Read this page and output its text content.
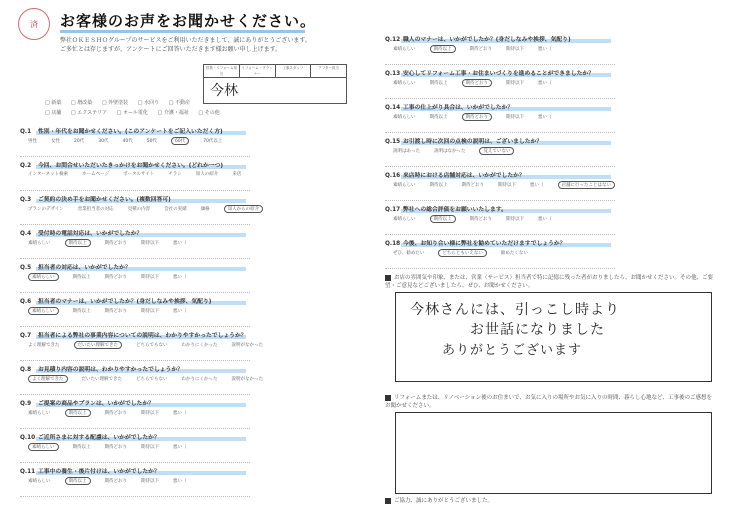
済 お客様のお声をお聞かせください。
弊社ＯＫＥＳＨＯグループのサービスをご利用いただきまして、誠にありがとうございます。
ご多忙とは存じますが、アンケートにご回答いただきます様お願い申し上げます。
営業・リフォーム担当
リフォーム・プランナー
工事スタッフ	アフター担当
今林
□ 新築 □ 増改築 □ 外壁塗装 □ 水回り □ 不動産
□ 店舗 □ エクステリア □ オール電化 □ 介護・福祉 □ その他
Q.1 性別・年代をお聞かせください。(このアンケートをご記入いただく方)
男性	女性	20代	30代	40代	50代	60代	70代以上
Q.2 今回、お問合せいただいたきっかけをお聞かせください。(どれか一つ)
インターネット検索	ホームページ	ポータルサイト	チラシ	知人の紹介	来店
Q.3 ご契約の決め手をお聞かせください。(複数回答可)
プランのデザイン	営業担当者の対応	見積の内容	会社の実績	価格	知人からの紹介
Q.4 受付時の電話対応は、いかがでしたか？
素晴らしい	期待以上	期待どおり	期待以下	悪い（
Q.5 担当者の対応は、いかがでしたか？
素晴らしい	期待以上	期待どおり	期待以下	悪い（
Q.6 担当者のマナーは、いかがでしたか？(身だしなみや挨拶、気配り)
素晴らしい	期待以上	期待どおり	期待以下	悪い（
Q.7 担当者による弊社の事業内容についての説明は、わかりやすかったでしょうか？
よく理解できた	だいたい理解できた	どちらでもない	わかりにくかった	説明がなかった
Q.8 お見積り内容の説明は、わかりやすかったでしょうか？
よく理解できた	だいたい理解できた	どちらでもない	わかりにくかった	説明がなかった
Q.9 ご提案の商品やプランは、いかがでしたか？
素晴らしい	期待以上	期待どおり	期待以下	悪い（
Q.10 ご近所さまに対する配慮は、いかがでしたか？
素晴らしい	期待以上	期待どおり	期待以下	悪い（
Q.11 工事中の養生・後片付けは、いかがでしたか？
素晴らしい	期待以上	期待どおり	期待以下	悪い（
Q.12 職人のマナーは、いかがでしたか？(身だしなみや挨拶、気配り)
素晴らしい	期待以上	期待どおり	期待以下	悪い（
Q.13 安心してリフォーム工事・お住まいづくりを進めることができましたか？
素晴らしい	期待以上	期待どおり	期待以下	悪い（
Q.14 工事の仕上がり具合は、いかがでしたか？
素晴らしい	期待以上	期待どおり	期待以下	悪い（
Q.15 お引渡し時に次回の点検の説明は、ございましたか？
説明はあった	説明はなかった	覚えていない
Q.16 来店時における店舗対応は、いかがでしたか？
素晴らしい	期待以上	期待どおり	期待以下	悪い（	店舗に行ったことはない
Q.17 弊社への総合評価をお願いいたします。
素晴らしい	期待以上	期待どおり	期待以下	悪い（
Q.18 今後、お知り合い様に弊社を勧めていただけますでしょうか？
ぜひ、勧めたい	どちらともいえない	勧めたくない
お店の雰囲気や印象、または、営業（サービス）担当者で特に記憶に残った者がおりましたら、お聞かせください。その他、ご要望・ご意見などございましたら、ぜひ、お聞かせください。
今林さんには、引っこし時より
お世話になりました
ありがとうございます
リフォームまたは、リノベーション後のお住まいで、お気に入りの場所やお気に入りの時間、暮らし心地など、工事後のご感想をお聞かせください。
ご協力、誠にありがとうございました。
